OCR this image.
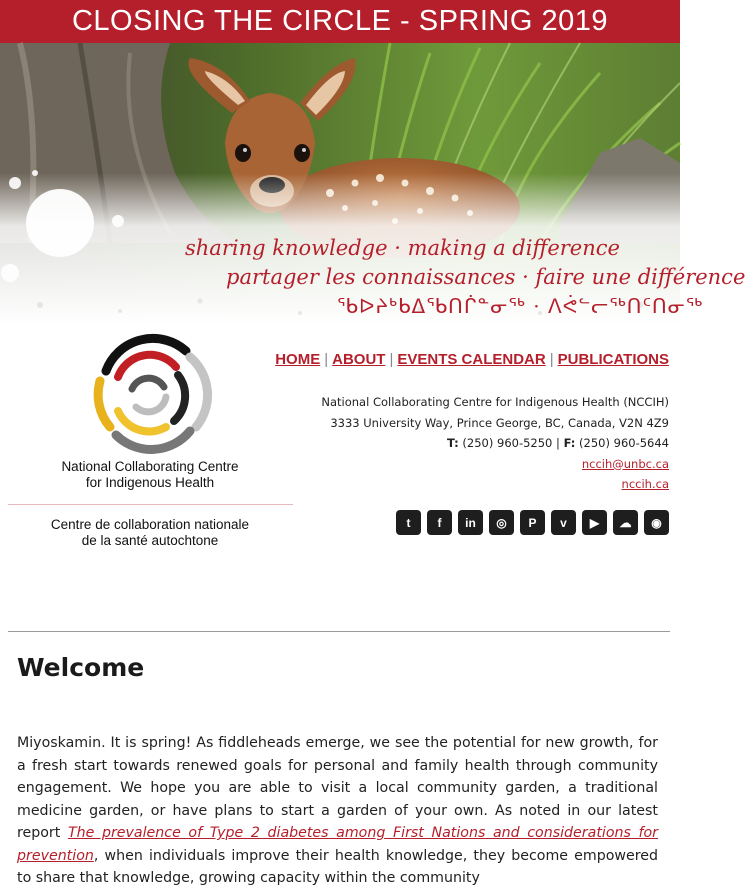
CLOSING THE CIRCLE - SPRING 2019
sharing knowledge · making a difference
partager les connaissances · faire une différence
ᖃᐅᔨᒃᑲᐃᖃᑎᒌᓐᓂᖅ · ᐱᕚᓪᓕᖅᑎᑦᑎᓂᖅ
National Collaborating Centre
for Indigenous Health
Centre de collaboration nationale
de la santé autochtone
HOME | ABOUT | EVENTS CALENDAR | PUBLICATIONS
National Collaborating Centre for Indigenous Health (NCCIH)
3333 University Way, Prince George, BC, Canada, V2N 4Z9
T: (250) 960-5250 | F: (250) 960-5644
nccih@unbc.ca
nccih.ca
t	f	in	◎	P	v	▶	☁	◉
Welcome

Miyoskamin. It is spring! As fiddleheads emerge, we see the potential for new growth, for a fresh start towards renewed goals for personal and family health through community engagement. We hope you are able to visit a local community garden, a traditional medicine garden, or have plans to start a garden of your own. As noted in our latest report The prevalence of Type 2 diabetes among First Nations and considerations for prevention, when individuals improve their health knowledge, they become empowered to share that knowledge, growing capacity within the community
